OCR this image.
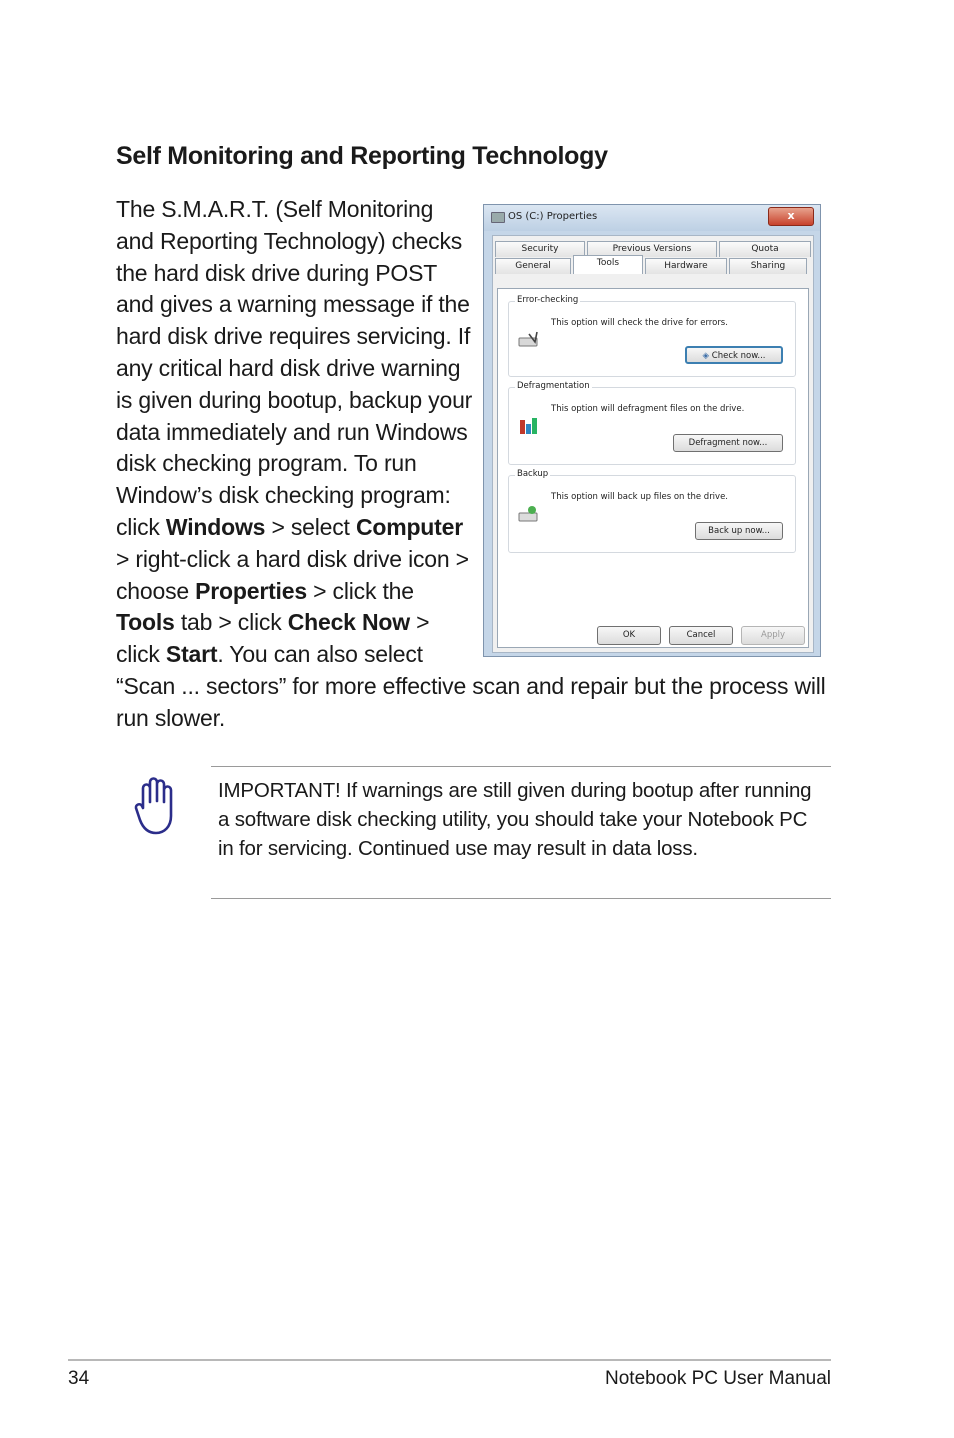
Self Monitoring and Reporting Technology

The S.M.A.R.T. (Self Monitoring and Reporting Technology) checks the hard disk drive during POST and gives a warning message if the hard disk drive requires servicing. If any critical hard disk drive warning is given during bootup, backup your data immediately and run Windows disk checking program. To run Window’s disk checking program: click Windows > select Computer > right-click a hard disk drive icon > choose Properties > click the Tools tab > click Check Now > click Start. You can also select “Scan ... sectors” for more effective scan and repair but the process will run slower.

OS (C:) Properties	x
Security	Previous Versions	Quota
General	Tools	Hardware	Sharing
Error-checking
This option will check the drive for errors.
◈ Check now...
Defragmentation
This option will defragment files on the drive.
Defragment now...
Backup
This option will back up files on the drive.
Back up now...
OK	Cancel	Apply

IMPORTANT! If warnings are still given during bootup after running a software disk checking utility, you should take your Notebook PC in for servicing. Continued use may result in data loss.

34	Notebook PC User Manual
